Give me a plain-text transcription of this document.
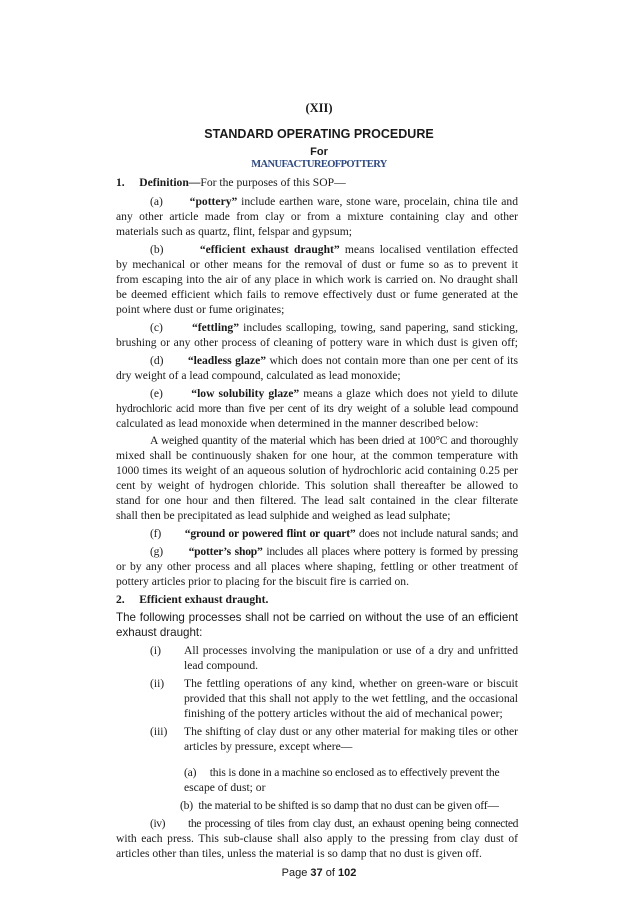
(XII)
STANDARD OPERATING PROCEDURE
For
MANUFACTUREOFPOTTERY
1. Definition—For the purposes of this SOP—
(a) “pottery” include earthen ware, stone ware, procelain, china tile and
any other article made from clay or from a mixture containing clay and other
materials such as quartz, flint, felspar and gypsum;
(b)	“efficient exhaust draught” means localised ventilation effected
by mechanical or other means for the removal of dust or fume so as to prevent it
from escaping into the air of any place in which work is carried on. No draught shall
be deemed efficient which fails to remove effectively dust or fume generated at the
point where dust or fume originates;
(c)	“fettling” includes scalloping, towing, sand papering, sand sticking,
brushing or any other process of cleaning of pottery ware in which dust is given off;
(d) “leadless glaze” which does not contain more than one per cent of its
dry weight of a lead compound, calculated as lead monoxide;
(e) “low solubility glaze” means a glaze which does not yield to dilute
hydrochloric acid more than five per cent of its dry weight of a soluble lead compound
calculated as lead monoxide when determined in the manner described below:
A weighed quantity of the material which has been dried at 100°C and thoroughly
mixed shall be continuously shaken for one hour, at the common temperature with
1000 times its weight of an aqueous solution of hydrochloric acid containing 0.25 per
cent by weight of hydrogen chloride. This solution shall thereafter be allowed to
stand for one hour and then filtered. The lead salt contained in the clear filterate
shall then be precipitated as lead sulphide and weighed as lead sulphate;
(f) “ground or powered flint or quart” does not include natural sands; and
(g) “potter’s shop” includes all places where pottery is formed by pressing
or by any other process and all places where shaping, fettling or other treatment of
pottery articles prior to placing for the biscuit fire is carried on.
2. Efficient exhaust draught.
The following processes shall not be carried on without the use of an efficient
exhaust draught:
(i) All processes involving the manipulation or use of a dry and unfritted
lead compound.
(ii) The fettling operations of any kind, whether on green-ware or biscuit
provided that this shall not apply to the wet fettling, and the occasional
finishing of the pottery articles without the aid of mechanical power;
(iii) The shifting of clay dust or any other material for making tiles or other
articles by pressure, except where—
(a) this is done in a machine so enclosed as to effectively prevent the
escape of dust; or
(b) the material to be shifted is so damp that no dust can be given off—
(iv) the processing of tiles from clay dust, an exhaust opening being connected
with each press. This sub-clause shall also apply to the pressing from clay dust of
articles other than tiles, unless the material is so damp that no dust is given off.
Page 37 of 102
